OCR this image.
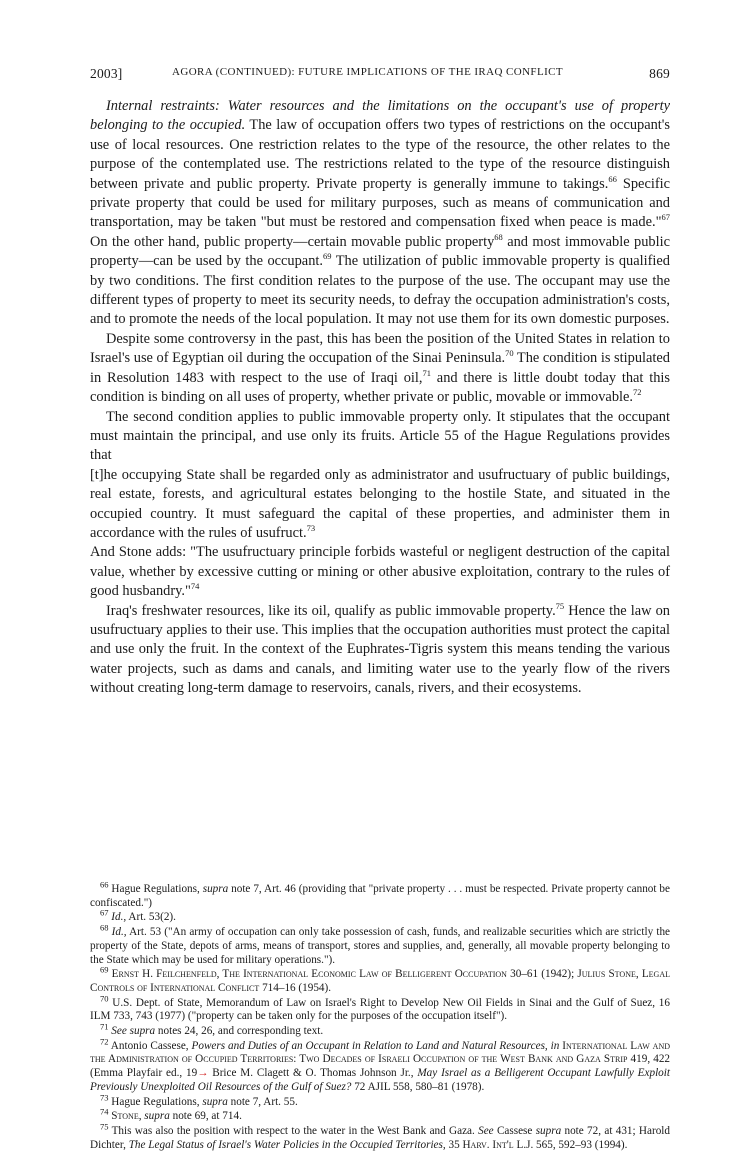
2003]	AGORA (CONTINUED): FUTURE IMPLICATIONS OF THE IRAQ CONFLICT	869

Internal restraints: Water resources and the limitations on the occupant's use of property belonging to the occupied. The law of occupation offers two types of restrictions on the occupant's use of local resources. One restriction relates to the type of the resource, the other relates to the purpose of the contemplated use. The restrictions related to the type of the resource distinguish between private and public property. Private property is generally immune to takings.$^{66}$ Specific private property that could be used for military purposes, such as means of communication and transportation, may be taken "but must be restored and compensation fixed when peace is made."$^{67}$ On the other hand, public property—certain movable public property$^{68}$ and most immovable public property—can be used by the occupant.$^{69}$ The utilization of public immovable property is qualified by two conditions. The first condition relates to the purpose of the use. The occupant may use the different types of property to meet its security needs, to defray the occupation administration's costs, and to promote the needs of the local population. It may not use them for its own domestic purposes.

Despite some controversy in the past, this has been the position of the United States in relation to Israel's use of Egyptian oil during the occupation of the Sinai Peninsula.$^{70}$ The condition is stipulated in Resolution 1483 with respect to the use of Iraqi oil,$^{71}$ and there is little doubt today that this condition is binding on all uses of property, whether private or public, movable or immovable.$^{72}$

The second condition applies to public immovable property only. It stipulates that the occupant must maintain the principal, and use only its fruits. Article 55 of the Hague Regulations provides that

[t]he occupying State shall be regarded only as administrator and usufructuary of public buildings, real estate, forests, and agricultural estates belonging to the hostile State, and situated in the occupied country. It must safeguard the capital of these properties, and administer them in accordance with the rules of usufruct.$^{73}$

And Stone adds: "The usufructuary principle forbids wasteful or negligent destruction of the capital value, whether by excessive cutting or mining or other abusive exploitation, contrary to the rules of good husbandry."$^{74}$

Iraq's freshwater resources, like its oil, qualify as public immovable property.$^{75}$ Hence the law on usufructuary applies to their use. This implies that the occupation authorities must protect the capital and use only the fruit. In the context of the Euphrates-Tigris system this means tending the various water projects, such as dams and canals, and limiting water use to the yearly flow of the rivers without creating long-term damage to reservoirs, canals, rivers, and their ecosystems.

$^{66}$ Hague Regulations, supra note 7, Art. 46 (providing that "private property . . . must be respected. Private property cannot be confiscated.")

$^{67}$ Id., Art. 53(2).

$^{68}$ Id., Art. 53 ("An army of occupation can only take possession of cash, funds, and realizable securities which are strictly the property of the State, depots of arms, means of transport, stores and supplies, and, generally, all movable property belonging to the State which may be used for military operations.").

$^{69}$ Ernst H. Feilchenfeld, The International Economic Law of Belligerent Occupation 30–61 (1942); Julius Stone, Legal Controls of International Conflict 714–16 (1954).

$^{70}$ U.S. Dept. of State, Memorandum of Law on Israel's Right to Develop New Oil Fields in Sinai and the Gulf of Suez, 16 ILM 733, 743 (1977) ("property can be taken only for the purposes of the occupation itself").

$^{71}$ See supra notes 24, 26, and corresponding text.

$^{72}$ Antonio Cassese, Powers and Duties of an Occupant in Relation to Land and Natural Resources, in International Law and the Administration of Occupied Territories: Two Decades of Israeli Occupation of the West Bank and Gaza Strip 419, 422 (Emma Playfair ed., 19→ Brice M. Clagett & O. Thomas Johnson Jr., May Israel as a Belligerent Occupant Lawfully Exploit Previously Unexploited Oil Resources of the Gulf of Suez? 72 AJIL 558, 580–81 (1978).

$^{73}$ Hague Regulations, supra note 7, Art. 55.

$^{74}$ Stone, supra note 69, at 714.

$^{75}$ This was also the position with respect to the water in the West Bank and Gaza. See Cassese supra note 72, at 431; Harold Dichter, The Legal Status of Israel's Water Policies in the Occupied Territories, 35 Harv. Int'l L.J. 565, 592–93 (1994).
